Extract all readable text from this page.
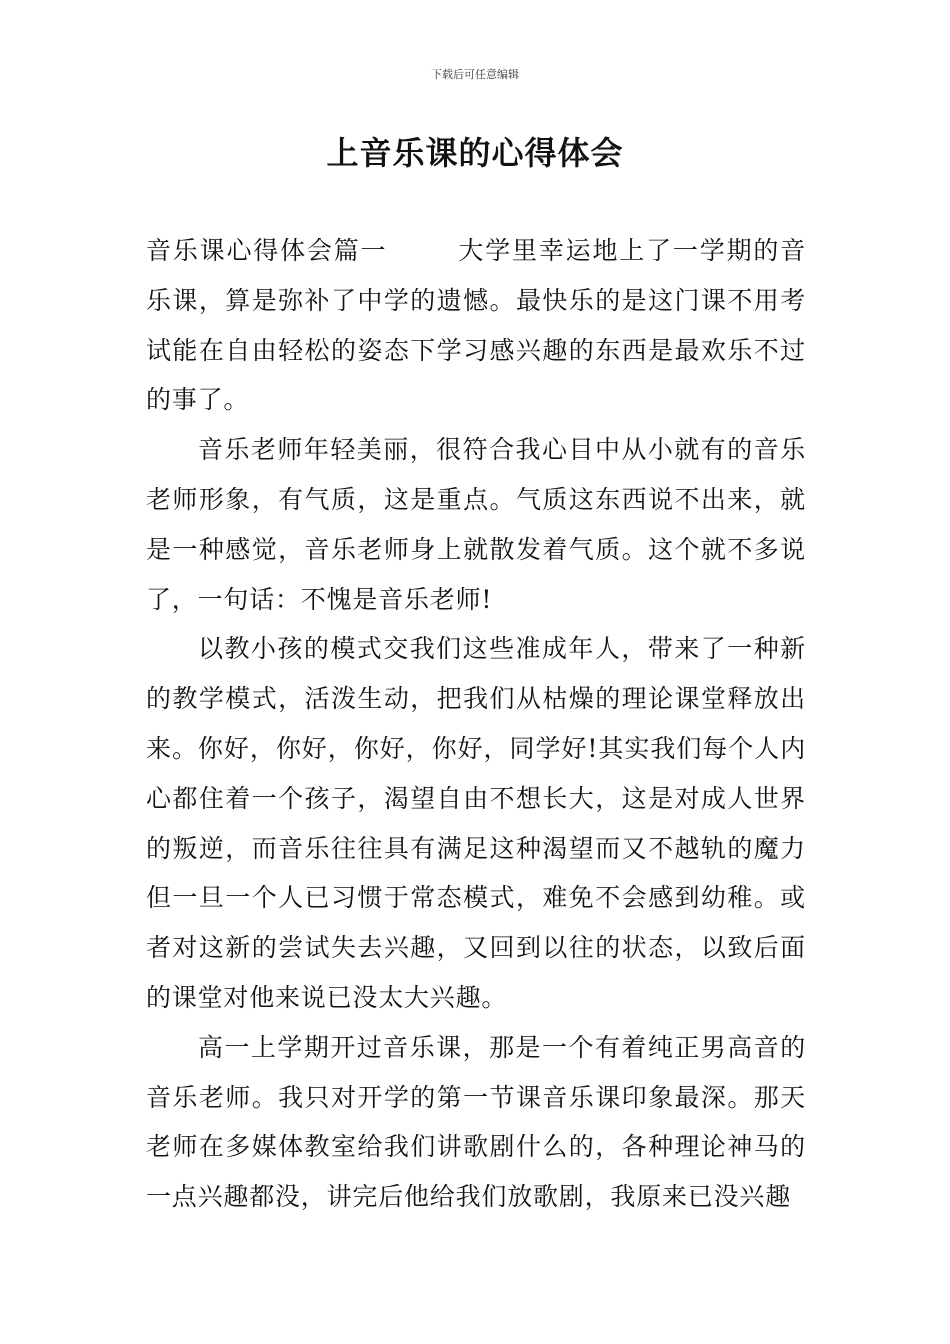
下载后可任意编辑
上音乐课的心得体会

音乐课心得体会篇一	大学里幸运地上了一学期的音乐课，算是弥补了中学的遗憾。最快乐的是这门课不用考试能在自由轻松的姿态下学习感兴趣的东西是最欢乐不过的事了。

音乐老师年轻美丽，很符合我心目中从小就有的音乐老师形象，有气质，这是重点。气质这东西说不出来，就是一种感觉，音乐老师身上就散发着气质。这个就不多说了，一句话：不愧是音乐老师!

以教小孩的模式交我们这些准成年人，带来了一种新的教学模式，活泼生动，把我们从枯燥的理论课堂释放出来。你好，你好，你好，你好，同学好!其实我们每个人内心都住着一个孩子，渴望自由不想长大，这是对成人世界的叛逆，而音乐往往具有满足这种渴望而又不越轨的魔力但一旦一个人已习惯于常态模式，难免不会感到幼稚。或者对这新的尝试失去兴趣，又回到以往的状态，以致后面的课堂对他来说已没太大兴趣。

高一上学期开过音乐课，那是一个有着纯正男高音的音乐老师。我只对开学的第一节课音乐课印象最深。那天老师在多媒体教室给我们讲歌剧什么的，各种理论神马的一点兴趣都没，讲完后他给我们放歌剧，我原来已没兴趣
